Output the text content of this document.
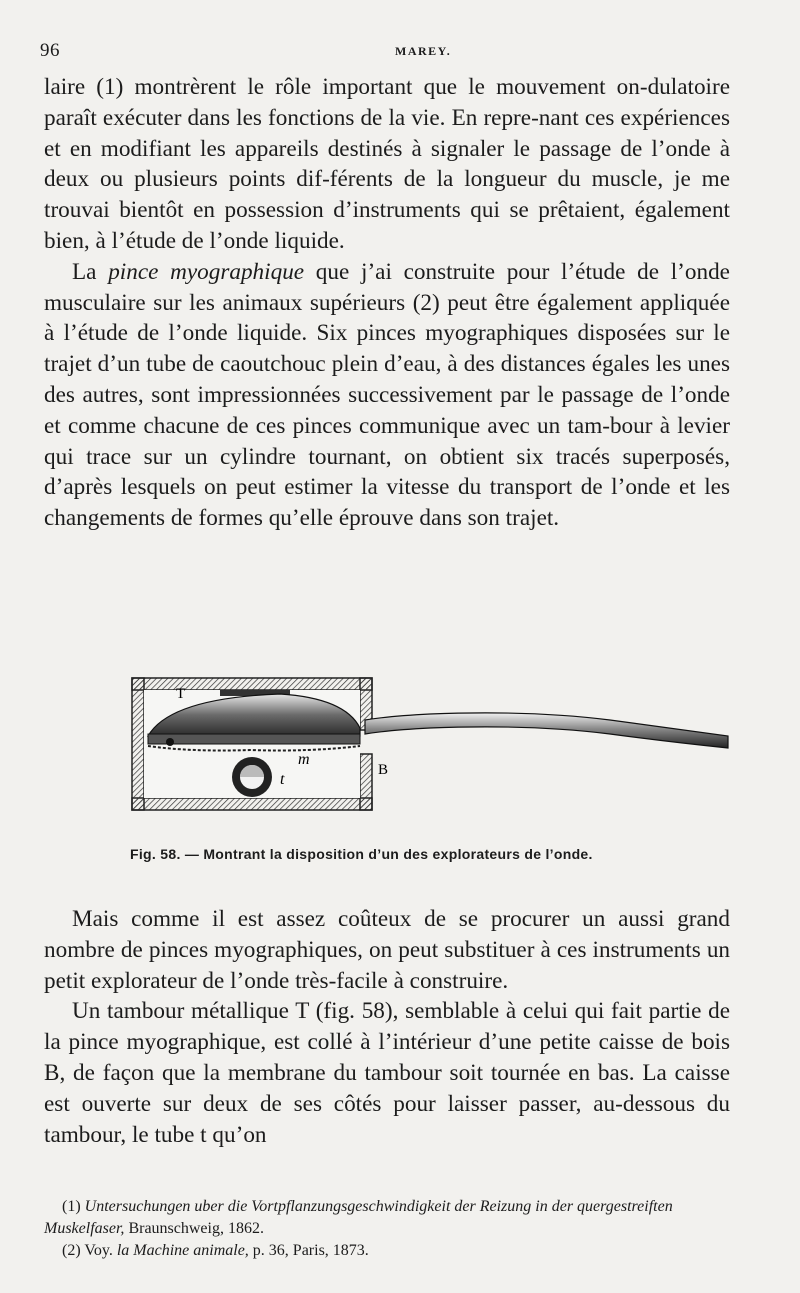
96	MAREY.

laire (1) montrèrent le rôle important que le mouvement on-dulatoire paraît exécuter dans les fonctions de la vie. En repre-nant ces expériences et en modifiant les appareils destinés à signaler le passage de l’onde à deux ou plusieurs points dif-férents de la longueur du muscle, je me trouvai bientôt en possession d’instruments qui se prêtaient, également bien, à l’étude de l’onde liquide.

La pince myographique que j’ai construite pour l’étude de l’onde musculaire sur les animaux supérieurs (2) peut être également appliquée à l’étude de l’onde liquide. Six pinces myographiques disposées sur le trajet d’un tube de caoutchouc plein d’eau, à des distances égales les unes des autres, sont impressionnées successivement par le passage de l’onde et comme chacune de ces pinces communique avec un tam-bour à levier qui trace sur un cylindre tournant, on obtient six tracés superposés, d’après lesquels on peut estimer la vitesse du transport de l’onde et les changements de formes qu’elle éprouve dans son trajet.

T
m
t
B
Fig. 58. — Montrant la disposition d’un des explorateurs de l’onde.

Mais comme il est assez coûteux de se procurer un aussi grand nombre de pinces myographiques, on peut substituer à ces instruments un petit explorateur de l’onde très-facile à construire.

Un tambour métallique T (fig. 58), semblable à celui qui fait partie de la pince myographique, est collé à l’intérieur d’une petite caisse de bois B, de façon que la membrane du tambour soit tournée en bas. La caisse est ouverte sur deux de ses côtés pour laisser passer, au-dessous du tambour, le tube t qu’on

(1) Untersuchungen uber die Vortpflanzungsgeschwindigkeit der Reizung in der quergestreiften Muskelfaser, Braunschweig, 1862.

(2) Voy. la Machine animale, p. 36, Paris, 1873.
